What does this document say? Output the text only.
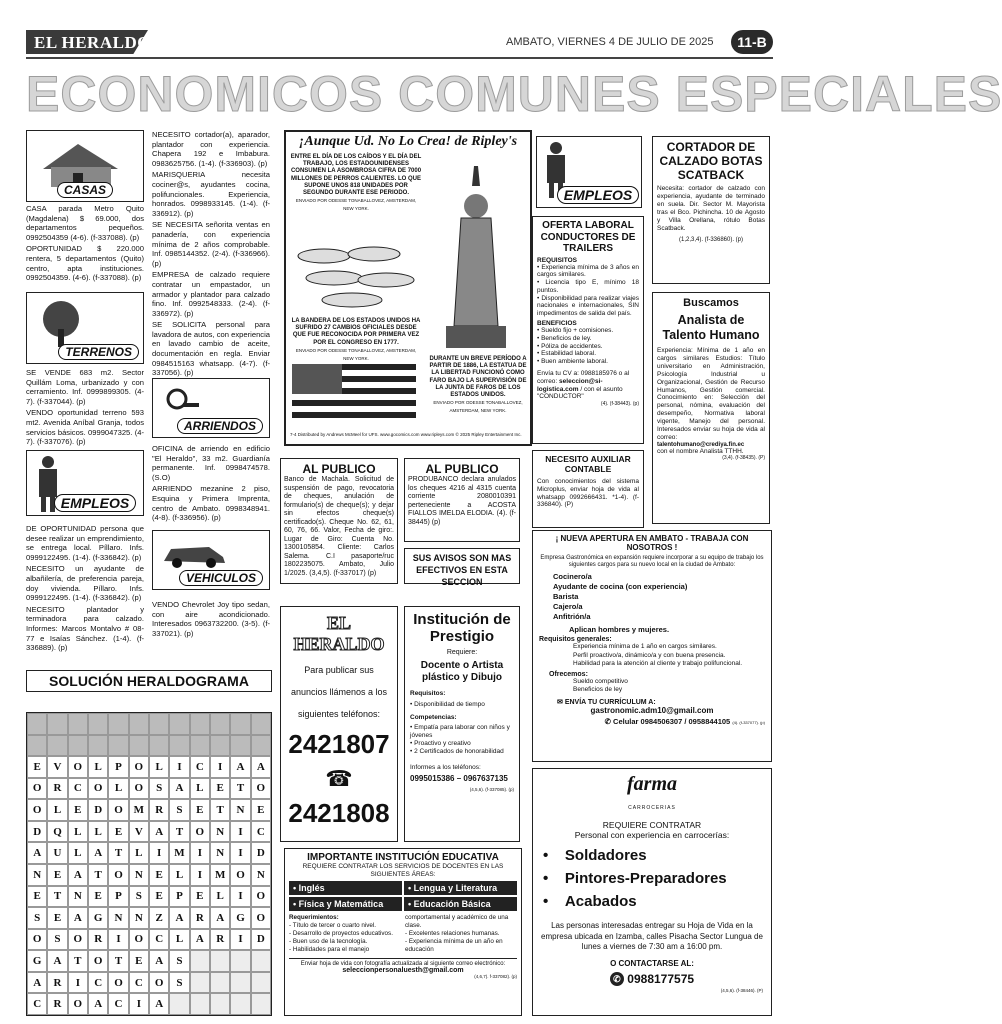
EL HERALDO	AMBATO, VIERNES 4 DE JULIO DE 2025	11-B
ECONOMICOS COMUNES ESPECIALES
CASAS

CASA parada Metro Quito (Magdalena) $ 69.000, dos departamentos pequeños. 0992504359 (4-6). (f-337088). (p)

OPORTUNIDAD $ 220.000 rentera, 5 departamentos (Quito) centro, apta instituciones. 0992504359. (4-6). (f-337088). (p)

TERRENOS

SE VENDE 683 m2. Sector Quillám Loma, urbanizado y con cerramiento. Inf. 0999899305. (4-7). (f-337044). (p)

VENDO oportunidad terreno 593 mt2. Avenida Aníbal Granja, todos servicios básicos. 0999047325. (4-7). (f-337076). (p)

EMPLEOS

DE OPORTUNIDAD persona que desee realizar un emprendimiento, se entrega local. Píllaro. Infs. 0999122495. (1-4). (f-336842). (p)

NECESITO un ayudante de albañilería, de preferencia pareja, doy vivienda. Píllaro. Infs. 0999122495. (1-4). (f-336842). (p)

NECESITO plantador y terminadora para calzado. Informes: Marcos Montalvo # 08-77 e Isaías Sánchez. (1-4). (f-336889). (p)

NECESITO cortador(a), aparador, plantador con experiencia. Chapera 192 e Imbabura. 0983625756. (1-4). (f-336903). (p)

MARISQUERIA necesita cociner@s, ayudantes cocina, polifuncionales. Experiencia, honrados. 0998933145. (1-4). (f-336912). (p)

SE NECESITA señorita ventas en panadería, con experiencia mínima de 2 años comprobable. Inf. 0985144352. (2-4). (f-336966). (p)

EMPRESA de calzado requiere contratar un empastador, un armador y plantador para calzado fino. Inf. 0992548333. (2-4). (f-336972). (p)

SE SOLICITA personal para lavadora de autos, con experiencia en lavado cambio de aceite, documentación en regla. Enviar 0984515163 whatsapp. (4-7). (f-337056). (p)

ARRIENDOS

OFICINA de arriendo en edificio "El Heraldo", 33 m2. Guardianía permanente. Inf. 0998474578. (S.O)

ARRIENDO mezanine 2 piso, Esquina y Primera Imprenta, centro de Ambato. 0998348941. (4-8). (f-336956). (p)

VEHICULOS

VENDO Chevrolet Joy tipo sedan, con aire acondicionado. Interesados 0963732200. (3-5). (f-337021). (p)

SOLUCIÓN HERALDOGRAMA
E	V	O	L	P	O	L	I	C	I	A	A
O	R	C	O	L	O	S	A	L	E	T	O
O	L	E	D	O M	R	S	E	T	N	E
D	Q	L	L	E	V	A	T	O	N	I	C
A	U	L	A	T	L	I	M	I	N	I	D
N	E	A	T	O	N	E	L	I	M O	N
E	T	N	E	P	S	E	P	E	L	I	O
S	E	A	G	N	N	Z	A	R	A	G	O
O	S	O	R	I	O	C	L	A	R	I	D
G	A	T	O	T	E	A	S
A	R	I	C	O	C	O	S
C	R	O	A	C	I	A
¡Aunque Ud. No Lo Crea! de Ripley's
ENTRE EL DÍA DE LOS CAÍDOS Y EL DÍA DEL TRABAJO, LOS ESTADOUNIDENSES CONSUMEN LA ASOMBROSA CIFRA DE 7000 MILLONES DE PERROS CALIENTES. LO QUE SUPONE UNOS 818 UNIDADES POR SEGUNDO DURANTE ESE PERIODO.
ENVIADO POR ODESSE TONABALLOVEZ, AMSTERDAM, NEW YORK.
LA BANDERA DE LOS ESTADOS UNIDOS HA SUFRIDO 27 CAMBIOS OFICIALES DESDE QUE FUE RECONOCIDA POR PRIMERA VEZ POR EL CONGRESO EN 1777.
ENVIADO POR ODESSE TONABALLOVEZ, AMSTERDAM, NEW YORK.	DURANTE UN BREVE PERÍODO A PARTIR DE 1886, LA ESTATUA DE LA LIBERTAD FUNCIONÓ COMO FARO BAJO LA SUPERVISIÓN DE LA JUNTA DE FAROS DE LOS ESTADOS UNIDOS.
ENVIADO POR ODESSE TONABALLOVEZ, AMSTERDAM, NEW YORK.
7-4 Distributed by Andrews McMeel for UFS. www.gocomics.com www.ripleys.com © 2025 Ripley Entertainment Inc.
AL PUBLICO
Banco de Machala. Solicitud de suspensión de pago, revocatoria de cheques, anulación de formulario(s) de cheque(s); y dejar sin efectos cheque(s) certificado(s). Cheque No. 62, 61, 60, 76, 66. Valor, Fecha de giro:. Lugar de Giro: Cuenta No. 1300105854. Cliente: Carlos Salema. C.I pasaporte/ruc 1802235075. Ambato, Julio 1/2025. (3,4,5). (f-337017) (p)
AL PUBLICO
PRODUBANCO declara anulados los cheques 4216 al 4315 cuenta corriente 2080010391 perteneciente a ACOSTA FIALLOS IMELDA ELODIA. (4). (f-38445) (p)
SUS AVISOS SON MAS EFECTIVOS EN ESTA SECCION
EL HERALDO
Para publicar sus anuncios llámenos a los siguientes teléfonos:
2421807
☎
2421808
Institución de Prestigio
Requiere:
Docente o Artista plástico y Dibujo
Requisitos:
• Disponibilidad de tiempo
Competencias:
• Empatía para laborar con niños y jóvenes
• Proactivo y creativo
• 2 Certificados de honorabilidad
Informes a los teléfonos:
0995015386 – 0967637135
(4,5,6). (f-337085). (p)
IMPORTANTE INSTITUCIÓN EDUCATIVA
REQUIERE CONTRATAR LOS SERVICIOS DE DOCENTES EN LAS SIGUIENTES ÁREAS:
• Inglés	• Lengua y Literatura
• Física y Matemática	• Educación Básica
Requerimientos:
- Título de tercer o cuarto nivel.
- Desarrollo de proyectos educativos.
- Buen uso de la tecnología.
- Habilidades para el manejo
comportamental y académico de una clase.
- Excelentes relaciones humanas.
- Experiencia mínima de un año en educación
Enviar hoja de vida con fotografía actualizada al siguiente correo electrónico:
seleccionpersonaluesth@gmail.com
(4,6,7). f-337082). (p)
EMPLEOS
OFERTA LABORAL CONDUCTORES DE TRAILERS
REQUISITOS
• Experiencia mínima de 3 años en cargos similares.
• Licencia tipo E, mínimo 18 puntos.
• Disponibilidad para realizar viajes nacionales e internacionales, SIN impedimentos de salida del país.
BENEFICIOS
• Sueldo fijo + comisiones.
• Beneficios de ley.
• Póliza de accidentes.
• Estabilidad laboral.
• Buen ambiente laboral.
Envía tu CV a: 0988185976 o al correo: seleccion@si-logistica.com / con el asunto "CONDUCTOR"
(4). (f-38443). (p)
NECESITO AUXILIAR CONTABLE
Con conocimientos del sistema Microplus, enviar hoja de vida al whatsapp 0992666431. *1-4). (f-336840). (P)
CORTADOR DE CALZADO BOTAS SCATBACK
Necesita: cortador de calzado con experiencia, ayudante de terminado en suela. Dir. Sector M. Mayorista tras el Bco. Pichincha. 10 de Agosto y Villa Orellana, rótulo Botas Scatback.
(1,2,3,4). (f-336860). (p)
Buscamos
Analista de Talento Humano
Experiencia: Mínima de 1 año en cargos similares Estudios: Título universitario en Administración, Psicología Industrial u Organizacional, Gestión de Recurso Humanos, Gestión comercial. Conocimiento en: Selección del personal, nómina, evaluación del desempeño, Normativa laboral vigente, Manejo del personal. Interesados enviar su hoja de vida al correo:
talentohumano@crediya.fin.ec
con el nombre Analista TTHH.
(3,4). (f-38435). (P)
¡ NUEVA APERTURA EN AMBATO - TRABAJA CON NOSOTROS !
Empresa Gastronómica en expansión requiere incorporar a su equipo de trabajo los siguientes cargos para su nuevo local en la ciudad de Ambato:
Cocinero/a
Ayudante de cocina (con experiencia)
Barista
Cajero/a
Anfitrión/a
Aplican hombres y mujeres.
Requisitos generales:
Experiencia mínima de 1 año en cargos similares.
Perfil proactivo/a, dinámico/a y con buena presencia.
Habilidad para la atención al cliente y trabajo polifuncional.
Ofrecemos:
Sueldo competitivo
Beneficios de ley
✉ ENVÍA TU CURRÍCULUM A:
gastronomic.adm10@gmail.com
✆ Celular 0984506307 / 0958844105 (4). (f-337077). (p)
farma
CARROCERIAS
REQUIERE CONTRATAR
Personal con experiencia en carrocerías:
•    Soldadores
•    Pintores-Preparadores
•    Acabados
Las personas interesadas entregar su Hoja de Vida en la empresa ubicada en Izamba, calles Pisacha Sector Lungua de lunes a viernes de 7:30 am a 16:00 pm.
O CONTACTARSE AL:
✆ 0988177575
(4,5,6). (f-38446). (P)
